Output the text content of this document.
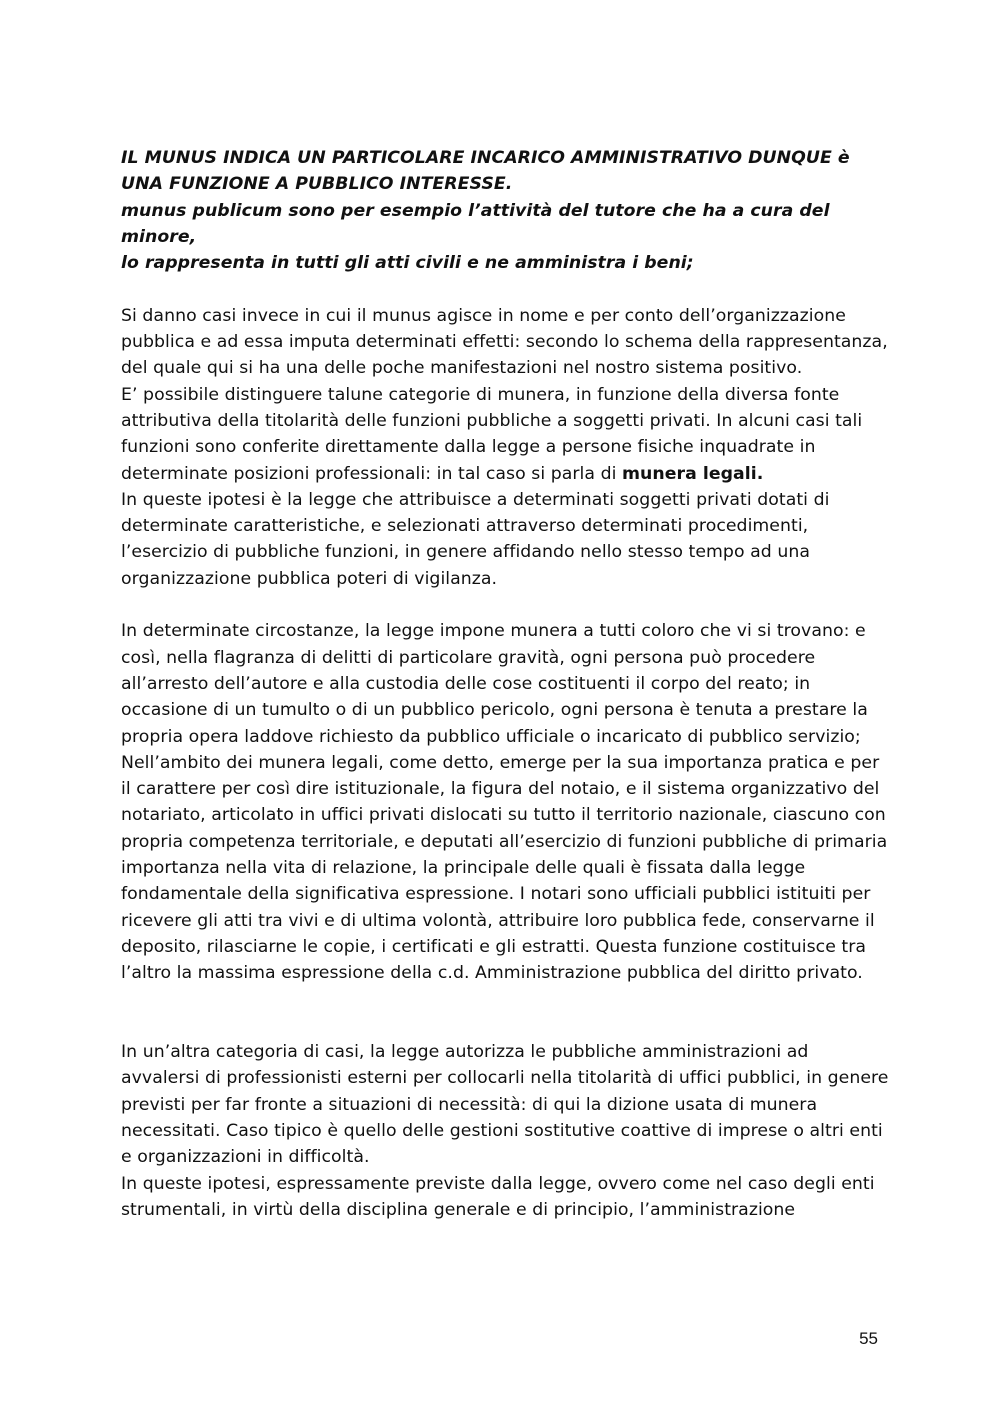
IL MUNUS INDICA UN PARTICOLARE INCARICO AMMINISTRATIVO DUNQUE è

UNA FUNZIONE A PUBBLICO INTERESSE.

munus publicum sono per esempio l’attività del tutore che ha a cura del minore,

lo rappresenta in tutti gli atti civili e ne amministra i beni;

Si danno casi invece in cui il munus agisce in nome e per conto dell’organizzazione pubblica e ad essa imputa determinati effetti: secondo lo schema della rappresentanza, del quale qui si ha una delle poche manifestazioni nel nostro sistema positivo.

E’ possibile distinguere talune categorie di munera, in funzione della diversa fonte attributiva della titolarità delle funzioni pubbliche a soggetti privati. In alcuni casi tali funzioni sono conferite direttamente dalla legge a persone fisiche inquadrate in determinate posizioni professionali: in tal caso si parla di munera legali.

In queste ipotesi è la legge che attribuisce a determinati soggetti privati dotati di determinate caratteristiche, e selezionati attraverso determinati procedimenti, l’esercizio di pubbliche funzioni, in genere affidando nello stesso tempo ad una organizzazione pubblica poteri di vigilanza.

In determinate circostanze, la legge impone munera a tutti coloro che vi si trovano: e così, nella flagranza di delitti di particolare gravità, ogni persona può procedere all’arresto dell’autore e alla custodia delle cose costituenti il corpo del reato; in occasione di un tumulto o di un pubblico pericolo, ogni persona è tenuta a prestare la propria opera laddove richiesto da pubblico ufficiale o incaricato di pubblico servizio;

Nell’ambito dei munera legali, come detto, emerge per la sua importanza pratica e per il carattere per così dire istituzionale, la figura del notaio, e il sistema organizzativo del notariato, articolato in uffici privati dislocati su tutto il territorio nazionale, ciascuno con propria competenza territoriale, e deputati all’esercizio di funzioni pubbliche di primaria importanza nella vita di relazione, la principale delle quali è fissata dalla legge fondamentale della significativa espressione. I notari sono ufficiali pubblici istituiti per ricevere gli atti tra vivi e di ultima volontà, attribuire loro pubblica fede, conservarne il deposito, rilasciarne le copie, i certificati e gli estratti. Questa funzione costituisce tra l’altro la massima espressione della c.d. Amministrazione pubblica del diritto privato.

In un’altra categoria di casi, la legge autorizza le pubbliche amministrazioni ad avvalersi di professionisti esterni per collocarli nella titolarità di uffici pubblici, in genere previsti per far fronte a situazioni di necessità: di qui la dizione usata di munera necessitati. Caso tipico è quello delle gestioni sostitutive coattive di imprese o altri enti e organizzazioni in difficoltà.

In queste ipotesi, espressamente previste dalla legge, ovvero come nel caso degli enti strumentali, in virtù della disciplina generale e di principio, l’amministrazione

55
